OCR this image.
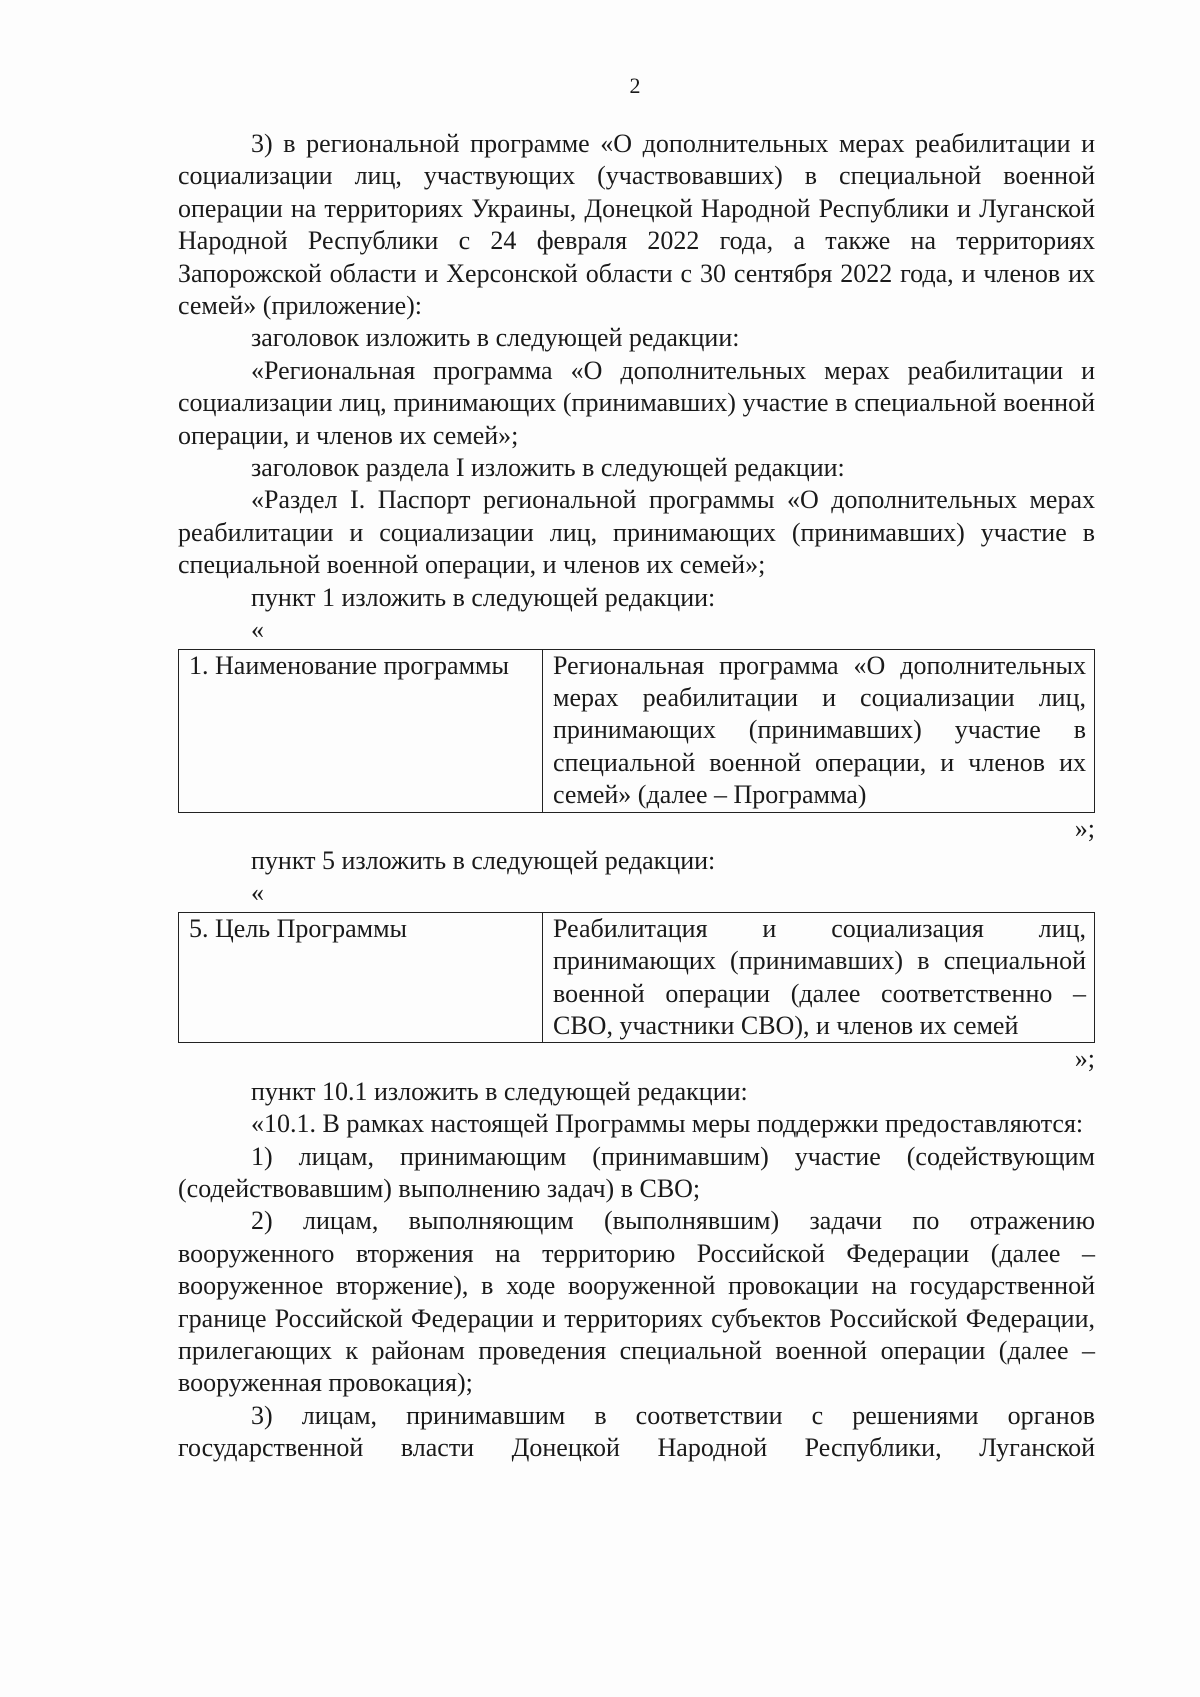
2

3) в региональной программе «О дополнительных мерах реабилитации и социализации лиц, участвующих (участвовавших) в специальной военной операции на территориях Украины, Донецкой Народной Республики и Луганской Народной Республики с 24 февраля 2022 года, а также на территориях Запорожской области и Херсонской области с 30 сентября 2022 года, и членов их семей» (приложение):

заголовок изложить в следующей редакции:

«Региональная программа «О дополнительных мерах реабилитации и социализации лиц, принимающих (принимавших) участие в специальной военной операции, и членов их семей»;

заголовок раздела I изложить в следующей редакции:

«Раздел I. Паспорт региональной программы «О дополнительных мерах реабилитации и социализации лиц, принимающих (принимавших) участие в специальной военной операции, и членов их семей»;

пункт 1 изложить в следующей редакции:

«
1. Наименование программы	Региональная программа «О дополнительных мерах реабилитации и социализации лиц, принимающих (принимавших) участие в специальной военной операции, и членов их семей» (далее – Программа)
»;

пункт 5 изложить в следующей редакции:

«
5. Цель Программы	Реабилитация и социализация лиц, принимающих (принимавших) в специальной военной операции (далее соответственно – СВО, участники СВО), и членов их семей
»;

пункт 10.1 изложить в следующей редакции:

«10.1. В рамках настоящей Программы меры поддержки предоставляются:

1) лицам, принимающим (принимавшим) участие (содействующим (содействовавшим) выполнению задач) в СВО;

2) лицам, выполняющим (выполнявшим) задачи по отражению вооруженного вторжения на территорию Российской Федерации (далее – вооруженное вторжение), в ходе вооруженной провокации на государственной границе Российской Федерации и территориях субъектов Российской Федерации, прилегающих к районам проведения специальной военной операции (далее – вооруженная провокация);

3) лицам, принимавшим в соответствии с решениями органов государственной власти Донецкой Народной Республики, Луганской
